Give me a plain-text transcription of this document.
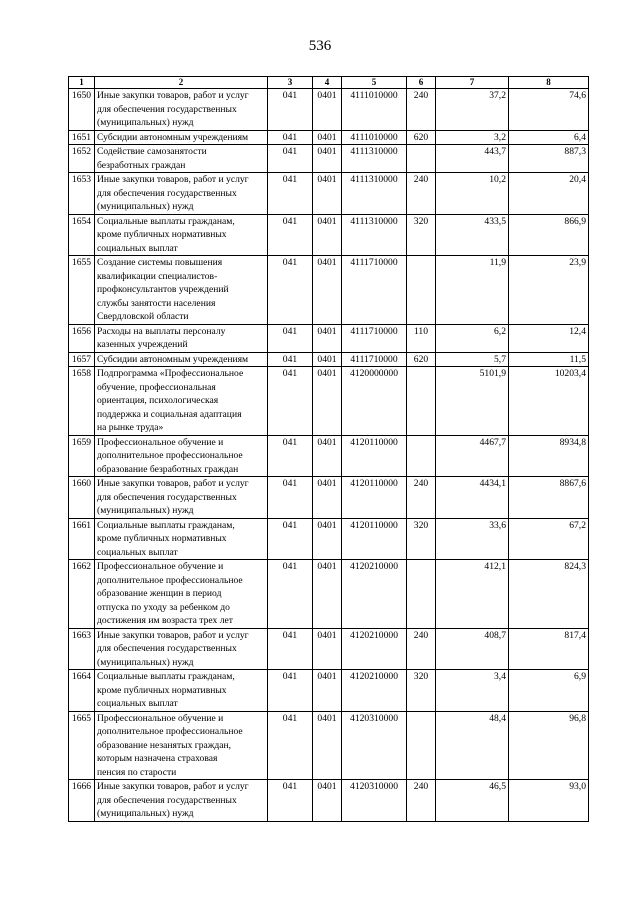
536
1	2	3	4	5	6	7	8
1650	Иные закупки товаров, работ и услуг
для обеспечения государственных
(муниципальных) нужд	041	0401	4111010000	240	37,2	74,6
1651	Субсидии автономным учреждениям	041	0401	4111010000	620	3,2	6,4
1652	Содействие самозанятости
безработных граждан	041	0401	4111310000		443,7	887,3
1653	Иные закупки товаров, работ и услуг
для обеспечения государственных
(муниципальных) нужд	041	0401	4111310000	240	10,2	20,4
1654	Социальные выплаты гражданам,
кроме публичных нормативных
социальных выплат	041	0401	4111310000	320	433,5	866,9
1655	Создание системы повышения
квалификации специалистов-
профконсультантов учреждений
службы занятости населения
Свердловской области	041	0401	4111710000		11,9	23,9
1656	Расходы на выплаты персоналу
казенных учреждений	041	0401	4111710000	110	6,2	12,4
1657	Субсидии автономным учреждениям	041	0401	4111710000	620	5,7	11,5
1658	Подпрограмма «Профессиональное
обучение, профессиональная
ориентация, психологическая
поддержка и социальная адаптация
на рынке труда»	041	0401	4120000000		5101,9	10203,4
1659	Профессиональное обучение и
дополнительное профессиональное
образование безработных граждан	041	0401	4120110000		4467,7	8934,8
1660	Иные закупки товаров, работ и услуг
для обеспечения государственных
(муниципальных) нужд	041	0401	4120110000	240	4434,1	8867,6
1661	Социальные выплаты гражданам,
кроме публичных нормативных
социальных выплат	041	0401	4120110000	320	33,6	67,2
1662	Профессиональное обучение и
дополнительное профессиональное
образование женщин в период
отпуска по уходу за ребенком до
достижения им возраста трех лет	041	0401	4120210000		412,1	824,3
1663	Иные закупки товаров, работ и услуг
для обеспечения государственных
(муниципальных) нужд	041	0401	4120210000	240	408,7	817,4
1664	Социальные выплаты гражданам,
кроме публичных нормативных
социальных выплат	041	0401	4120210000	320	3,4	6,9
1665	Профессиональное обучение и
дополнительное профессиональное
образование незанятых граждан,
которым назначена страховая
пенсия по старости	041	0401	4120310000		48,4	96,8
1666	Иные закупки товаров, работ и услуг
для обеспечения государственных
(муниципальных) нужд	041	0401	4120310000	240	46,5	93,0
